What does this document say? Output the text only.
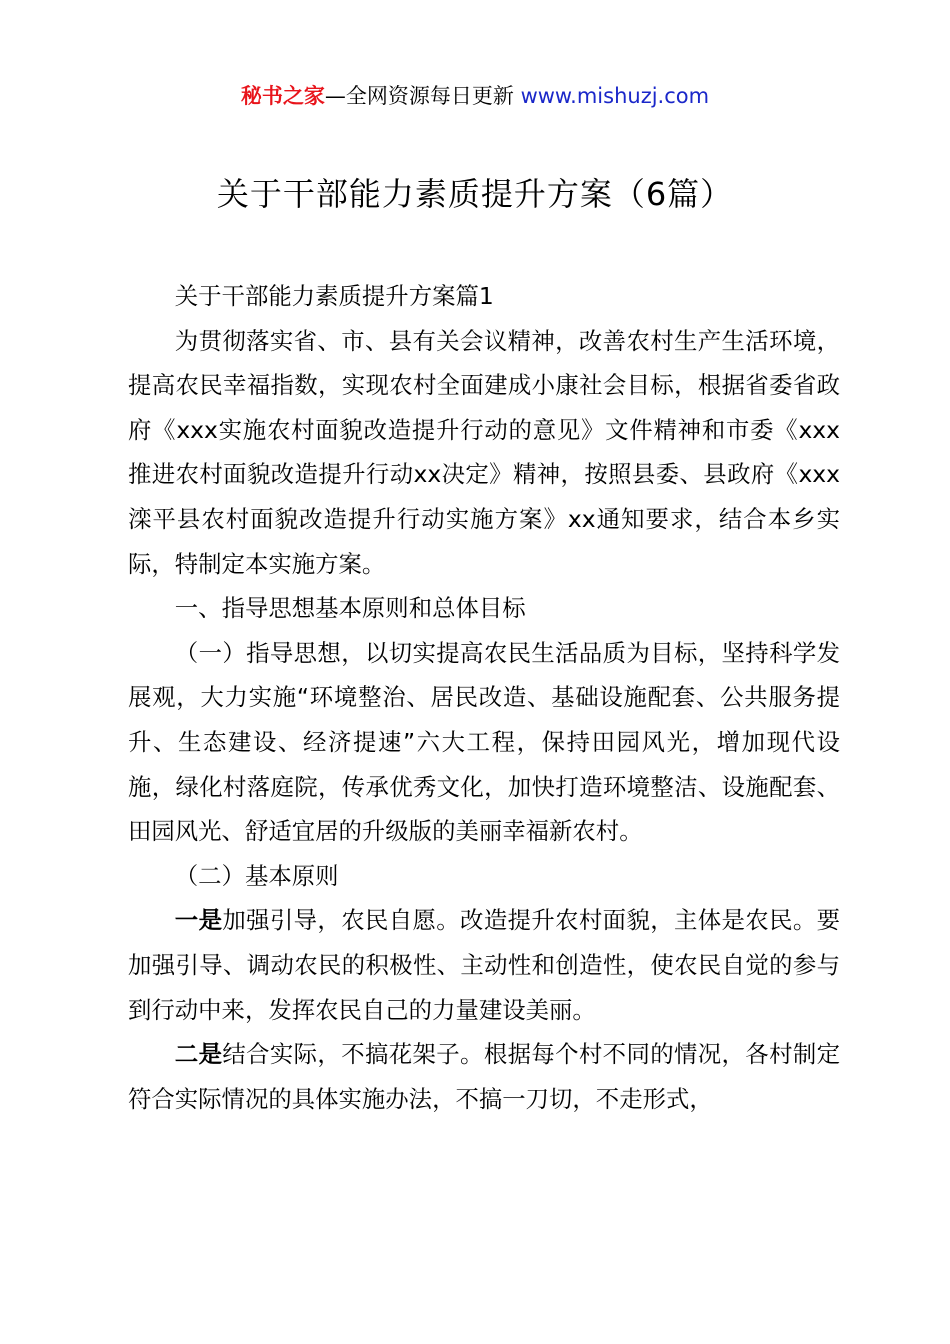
秘书之家—全网资源每日更新 www.mishuzj.com
关于干部能力素质提升方案（6篇）

关于干部能力素质提升方案篇1

为贯彻落实省、市、县有关会议精神，改善农村生产生活环境，提高农民幸福指数，实现农村全面建成小康社会目标，根据省委省政府《xxx实施农村面貌改造提升行动的意见》文件精神和市委《xxx推进农村面貌改造提升行动xx决定》精神，按照县委、县政府《xxx滦平县农村面貌改造提升行动实施方案》xx通知要求，结合本乡实际，特制定本实施方案。

一、指导思想基本原则和总体目标

（一）指导思想，以切实提高农民生活品质为目标，坚持科学发展观，大力实施“环境整治、居民改造、基础设施配套、公共服务提升、生态建设、经济提速”六大工程，保持田园风光，增加现代设施，绿化村落庭院，传承优秀文化，加快打造环境整洁、设施配套、田园风光、舒适宜居的升级版的美丽幸福新农村。

（二）基本原则

一是加强引导，农民自愿。改造提升农村面貌，主体是农民。要加强引导、调动农民的积极性、主动性和创造性，使农民自觉的参与到行动中来，发挥农民自己的力量建设美丽。

二是结合实际，不搞花架子。根据每个村不同的情况，各村制定符合实际情况的具体实施办法，不搞一刀切，不走形式，
